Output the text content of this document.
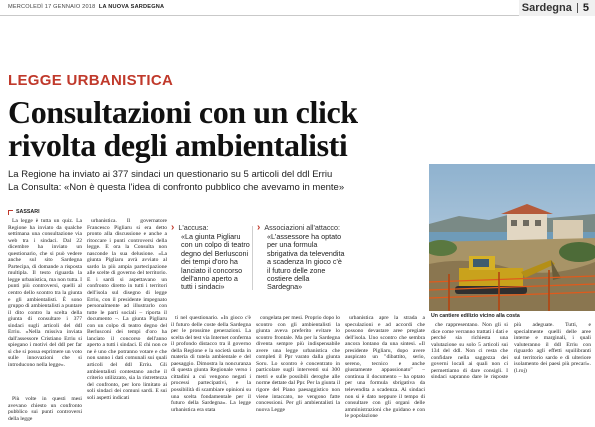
MERCOLEDÌ 17 GENNAIO 2018 LA NUOVA SARDEGNA	Sardegna 5
LEGGE URBANISTICA
Consultazioni con un click
rivolta degli ambientalisti
La Regione ha inviato ai 377 sindaci un questionario su 5 articoli del ddl Erriu
La Consulta: «Non è questa l'idea di confronto pubblico che avevamo in mente»
Un cantiere edilizio vicino alla costa
SASSARI

La legge è tutta un quiz. La Regione ha inviato da qualche settimana una consultazione via web tra i sindaci. Dal 22 dicembre ha inviato un questionario, che si può vedere anche sul sito Sardegna Partecipa, di domande a risposta multipla. Il testo riguarda la legge urbanistica, ma non tutta. I punti più controversi, quelli al centro dello scontro tra la giunta e gli ambientalisti. È sono gruppo di ambientalisti a puntare il dito contro la scelta della giunta di consultare i 377 sindaci sugli articoli del ddl Erriu. «Nella missiva inviata dall'assessore Cristiano Erriu si spiegano i motivi del ddl per far sì che si possa esprimere un voto sulle innovazioni che si introducono nella legge».

Più volte in questi mesi avevano chiesto un confronto pubblico sui punti controversi della legge

urbanistica. Il governatore Francesco Pigliaru si era detto pronto alla discussione e anche a ritoccare i punti controversi della legge. E ora la Consulta non nasconde la sua delusione. «La giunta Pigliaru avrà avviato al sardo la più ampia partecipazione alle scelte di governo del territorio. E i sardi si aspettavano un confronto diretto in tutti i territori dell'isola sul disegno di legge Erriu, con il presidente impegnato personalmente ad illustrarlo con tutte le parti sociali – riporta il documento –. La giunta Pigliaru con un colpo di teatro degno del Berlusconi dei tempi d'oro ha lanciato il concorso dell'anno aperto a tutti i sindaci. E chi non ce ne è uno che potranno votare e che non sanno i dati comunali sui quali articoli del ddl Erriu. Gli ambientalisti contestano anche il criterio utilizzato, sia la ristrettezza del confronto, per loro limitato ai soli sindaci dei comuni sardi. E sui soli aspetti indicati

› L'accusa:
«La giunta Pigliaru con un colpo di teatro degno del Berlusconi dei tempi d'oro ha lanciato il concorso dell'anno aperto a tutti i sindaci»
› Associazioni all'attacco:
«L'assessore ha optato per una formula sbrigativa da televendita a scadenza In gioco c'è il futuro delle zone costiere della Sardegna»

ti nel questionario. «In gioco c'è il futuro delle coste della Sardegna per le prossime generazioni. La scelta del test via Internet conferma il profondo distacco tra il governo della Regione e la società sarda in materia di tutela ambientale e del paesaggio. Dimostra la noncuranza di questa giunta Regionale verso i cittadini a cui vengono negati i processi partecipativi, e la possibilità di scambiare opinioni su una scelta fondamentale per il futuro della Sardegna». La legge urbanistica era stata

congelata per mesi. Proprio dopo lo scontro con gli ambientalisti la giunta aveva preferito evitare lo scontro frontale. Ma per la Sardegna diventa sempre più indispensabile avere una legge urbanistica che completi il Ppr varato dalla giunta Soru. Lo scontro è concentrato in particolare sugli interventi sui 300 metri e sulle possibili deroghe alle norme dettate dal Ppr. Per la giunta il rigore del Piano paesaggistico non viene intaccato, ne vengono fatte concessioni. Per gli ambientalisti la nuova Legge

urbanistica apre la strada a speculazioni e ad accordi che possono devastare aree pregiate dell'isola. Uno scontro che sembra ancora lontano da una sintesi. «Il presidente Pigliaru, dopo avere auspicato un "dibattito, serio, sereno, tecnico e anche giustamente appassionato" – continua il documento – ha optato per una formula sbrigativa da televendita a scadenza. Ai sindaci non si è dato neppure il tempo di consultare con gli organi delle amministrazioni che guidano e con le popolazione

che rappresentano. Non gli si dice come verranno trattati i dati e perché sia richiesta una valutazione su solo 5 articoli sui 134 del ddl. Non ci resta che confidare nella saggezza dei governi locali ai quali non ci permettiamo di dare consigli. I sindaci sapranno dare le risposte più adeguate. Tutti, e specialmente quelli delle aree interne e marginali, i quali valuteranno il ddl Erriu con riguardo agli effetti squilibranti sul territorio sardo e di ulteriore isolamento dei paesi più precari». (l.roj)
